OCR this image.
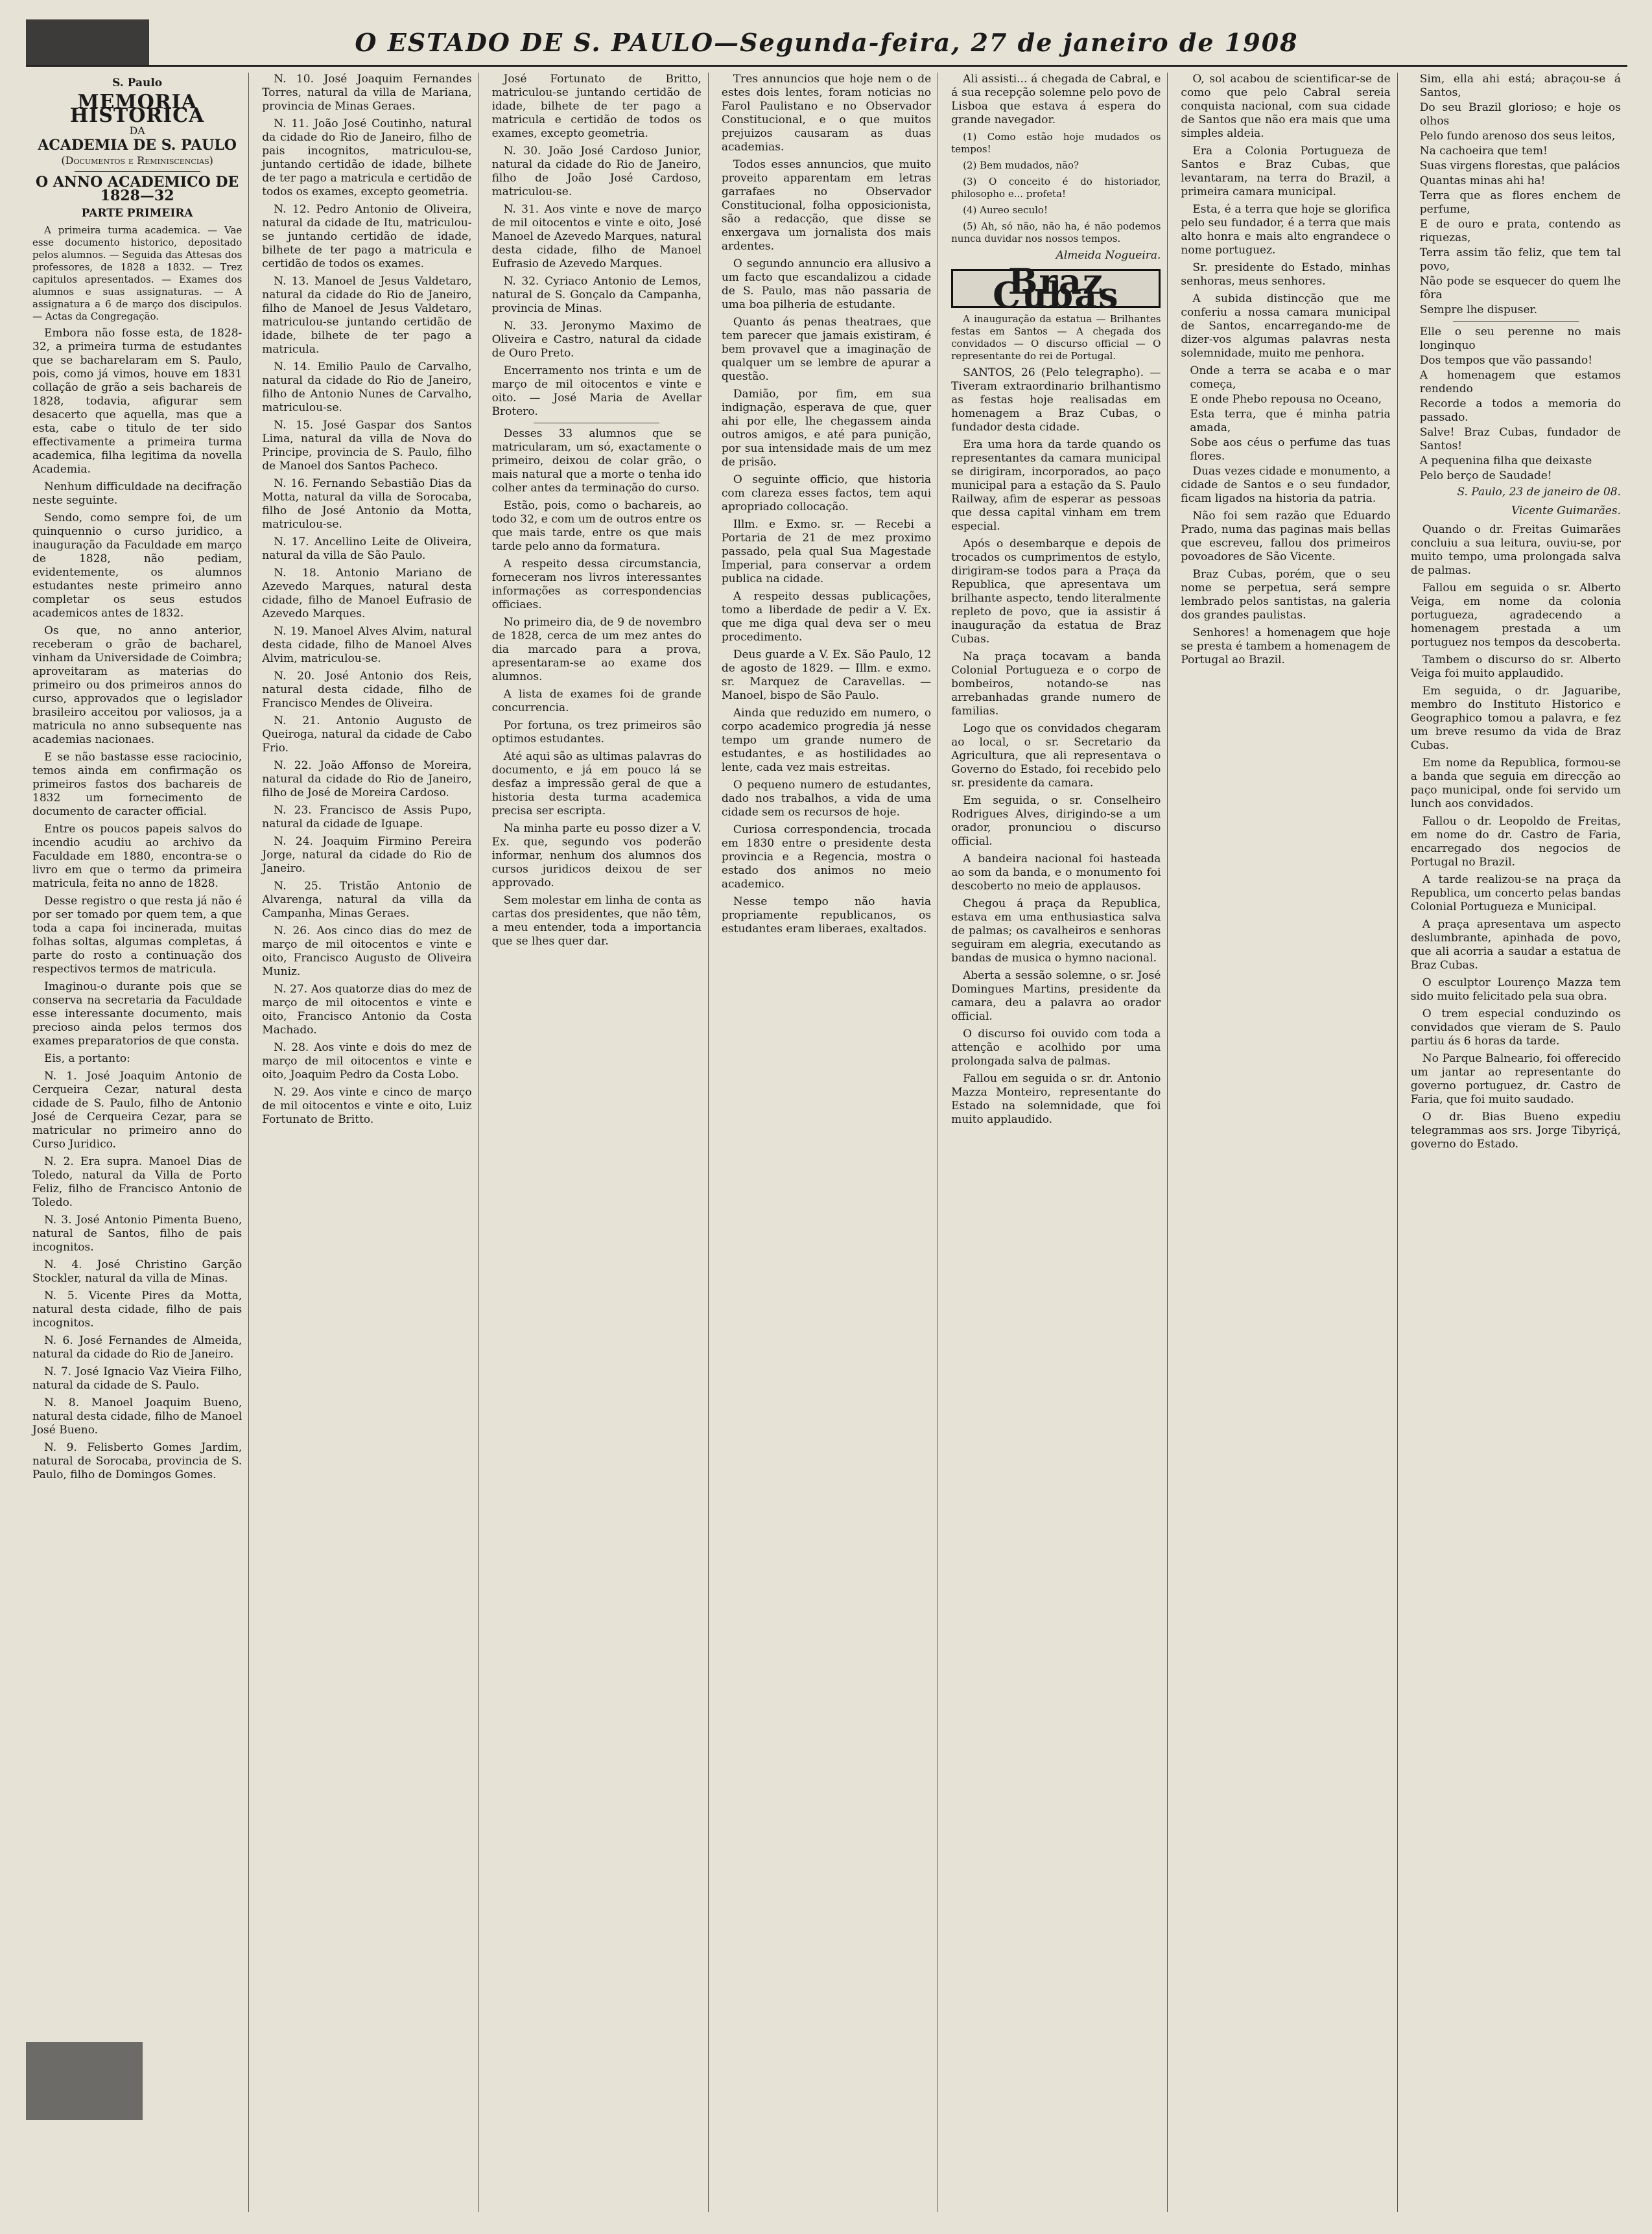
O ESTADO DE S. PAULO—Segunda-feira, 27 de janeiro de 1908
S. Paulo
MEMORIA HISTORICA
DA
ACADEMIA DE S. PAULO
(Documentos e Reminiscencias)
O ANNO ACADEMICO DE 1828—32
PARTE PRIMEIRA

A primeira turma academica. — Vae esse documento historico, depositado pelos alumnos. — Seguida das Attesas dos professores, de 1828 a 1832. — Trez capitulos apresentados. — Exames dos alumnos e suas assignaturas. — A assignatura a 6 de março dos discipulos. — Actas da Congregação.

Embora não fosse esta, de 1828-32, a primeira turma de estudantes que se bacharelaram em S. Paulo, pois, como já vimos, houve em 1831 collação de grão a seis bachareis de 1828, todavia, afigurar sem desacerto que aquella, mas que a esta, cabe o titulo de ter sido effectivamente a primeira turma academica, filha legitima da novella Academia.

Nenhum difficuldade na decifração neste seguinte.

Sendo, como sempre foi, de um quinquennio o curso juridico, a inauguração da Faculdade em março de 1828, não pediam, evidentemente, os alumnos estudantes neste primeiro anno completar os seus estudos academicos antes de 1832.

Os que, no anno anterior, receberam o grão de bacharel, vinham da Universidade de Coimbra; aproveitaram as materias do primeiro ou dos primeiros annos do curso, approvados que o legislador brasileiro acceitou por valiosos, ja a matricula no anno subsequente nas academias nacionaes.

E se não bastasse esse raciocinio, temos ainda em confirmação os primeiros fastos dos bachareis de 1832 um fornecimento de documento de caracter official.

Entre os poucos papeis salvos do incendio acudiu ao archivo da Faculdade em 1880, encontra-se o livro em que o termo da primeira matricula, feita no anno de 1828.

Desse registro o que resta já não é por ser tomado por quem tem, a que toda a capa foi incinerada, muitas folhas soltas, algumas completas, á parte do rosto a continuação dos respectivos termos de matricula.

Imaginou-o durante pois que se conserva na secretaria da Faculdade esse interessante documento, mais precioso ainda pelos termos dos exames preparatorios de que consta.

Eis, a portanto:

N. 1. José Joaquim Antonio de Cerqueira Cezar, natural desta cidade de S. Paulo, filho de Antonio José de Cerqueira Cezar, para se matricular no primeiro anno do Curso Juridico.

N. 2. Era supra. Manoel Dias de Toledo, natural da Villa de Porto Feliz, filho de Francisco Antonio de Toledo.

N. 3. José Antonio Pimenta Bueno, natural de Santos, filho de pais incognitos.

N. 4. José Christino Garção Stockler, natural da villa de Minas.

N. 5. Vicente Pires da Motta, natural desta cidade, filho de pais incognitos.

N. 6. José Fernandes de Almeida, natural da cidade do Rio de Janeiro.

N. 7. José Ignacio Vaz Vieira Filho, natural da cidade de S. Paulo.

N. 8. Manoel Joaquim Bueno, natural desta cidade, filho de Manoel José Bueno.

N. 9. Felisberto Gomes Jardim, natural de Sorocaba, provincia de S. Paulo, filho de Domingos Gomes.

N. 10. José Joaquim Fernandes Torres, natural da villa de Mariana, provincia de Minas Geraes.

N. 11. João José Coutinho, natural da cidade do Rio de Janeiro, filho de pais incognitos, matriculou-se, juntando certidão de idade, bilhete de ter pago a matricula e certidão de todos os exames, excepto geometria.

N. 12. Pedro Antonio de Oliveira, natural da cidade de Itu, matriculou-se juntando certidão de idade, bilhete de ter pago a matricula e certidão de todos os exames.

N. 13. Manoel de Jesus Valdetaro, natural da cidade do Rio de Janeiro, filho de Manoel de Jesus Valdetaro, matriculou-se juntando certidão de idade, bilhete de ter pago a matricula.

N. 14. Emilio Paulo de Carvalho, natural da cidade do Rio de Janeiro, filho de Antonio Nunes de Carvalho, matriculou-se.

N. 15. José Gaspar dos Santos Lima, natural da villa de Nova do Principe, provincia de S. Paulo, filho de Manoel dos Santos Pacheco.

N. 16. Fernando Sebastião Dias da Motta, natural da villa de Sorocaba, filho de José Antonio da Motta, matriculou-se.

N. 17. Ancellino Leite de Oliveira, natural da villa de São Paulo.

N. 18. Antonio Mariano de Azevedo Marques, natural desta cidade, filho de Manoel Eufrasio de Azevedo Marques.

N. 19. Manoel Alves Alvim, natural desta cidade, filho de Manoel Alves Alvim, matriculou-se.

N. 20. José Antonio dos Reis, natural desta cidade, filho de Francisco Mendes de Oliveira.

N. 21. Antonio Augusto de Queiroga, natural da cidade de Cabo Frio.

N. 22. João Affonso de Moreira, natural da cidade do Rio de Janeiro, filho de José de Moreira Cardoso.

N. 23. Francisco de Assis Pupo, natural da cidade de Iguape.

N. 24. Joaquim Firmino Pereira Jorge, natural da cidade do Rio de Janeiro.

N. 25. Tristão Antonio de Alvarenga, natural da villa da Campanha, Minas Geraes.

N. 26. Aos cinco dias do mez de março de mil oitocentos e vinte e oito, Francisco Augusto de Oliveira Muniz.

N. 27. Aos quatorze dias do mez de março de mil oitocentos e vinte e oito, Francisco Antonio da Costa Machado.

N. 28. Aos vinte e dois do mez de março de mil oitocentos e vinte e oito, Joaquim Pedro da Costa Lobo.

N. 29. Aos vinte e cinco de março de mil oitocentos e vinte e oito, Luiz Fortunato de Britto.

José Fortunato de Britto, matriculou-se juntando certidão de idade, bilhete de ter pago a matricula e certidão de todos os exames, excepto geometria.

N. 30. João José Cardoso Junior, natural da cidade do Rio de Janeiro, filho de João José Cardoso, matriculou-se.

N. 31. Aos vinte e nove de março de mil oitocentos e vinte e oito, José Manoel de Azevedo Marques, natural desta cidade, filho de Manoel Eufrasio de Azevedo Marques.

N. 32. Cyriaco Antonio de Lemos, natural de S. Gonçalo da Campanha, provincia de Minas.

N. 33. Jeronymo Maximo de Oliveira e Castro, natural da cidade de Ouro Preto.

Encerramento nos trinta e um de março de mil oitocentos e vinte e oito. — José Maria de Avellar Brotero.

Desses 33 alumnos que se matricularam, um só, exactamente o primeiro, deixou de colar grão, o mais natural que a morte o tenha ido colher antes da terminação do curso.

Estão, pois, como o bachareis, ao todo 32, e com um de outros entre os que mais tarde, entre os que mais tarde pelo anno da formatura.

A respeito dessa circumstancia, forneceram nos livros interessantes informações as correspondencias officiaes.

No primeiro dia, de 9 de novembro de 1828, cerca de um mez antes do dia marcado para a prova, apresentaram-se ao exame dos alumnos.

A lista de exames foi de grande concurrencia.

Por fortuna, os trez primeiros são optimos estudantes.

Até aqui são as ultimas palavras do documento, e já em pouco lá se desfaz a impressão geral de que a historia desta turma academica precisa ser escripta.

Na minha parte eu posso dizer a V. Ex. que, segundo vos poderão informar, nenhum dos alumnos dos cursos juridicos deixou de ser approvado.

Sem molestar em linha de conta as cartas dos presidentes, que não têm, a meu entender, toda a importancia que se lhes quer dar.

Tres annuncios que hoje nem o de estes dois lentes, foram noticias no Farol Paulistano e no Observador Constitucional, e o que muitos prejuizos causaram as duas academias.

Todos esses annuncios, que muito proveito apparentam em letras garrafaes no Observador Constitucional, folha opposicionista, são a redacção, que disse se enxergava um jornalista dos mais ardentes.

O segundo annuncio era allusivo a um facto que escandalizou a cidade de S. Paulo, mas não passaria de uma boa pilheria de estudante.

Quanto ás penas theatraes, que tem parecer que jamais existiram, é bem provavel que a imaginação de qualquer um se lembre de apurar a questão.

Damião, por fim, em sua indignação, esperava de que, quer ahi por elle, lhe chegassem ainda outros amigos, e até para punição, por sua intensidade mais de um mez de prisão.

O seguinte officio, que historia com clareza esses factos, tem aqui apropriado collocação.

Illm. e Exmo. sr. — Recebi a Portaria de 21 de mez proximo passado, pela qual Sua Magestade Imperial, para conservar a ordem publica na cidade.

A respeito dessas publicações, tomo a liberdade de pedir a V. Ex. que me diga qual deva ser o meu procedimento.

Deus guarde a V. Ex. São Paulo, 12 de agosto de 1829. — Illm. e exmo. sr. Marquez de Caravellas. — Manoel, bispo de São Paulo.

Ainda que reduzido em numero, o corpo academico progredia já nesse tempo um grande numero de estudantes, e as hostilidades ao lente, cada vez mais estreitas.

O pequeno numero de estudantes, dado nos trabalhos, a vida de uma cidade sem os recursos de hoje.

Curiosa correspondencia, trocada em 1830 entre o presidente desta provincia e a Regencia, mostra o estado dos animos no meio academico.

Nesse tempo não havia propriamente republicanos, os estudantes eram liberaes, exaltados.

Ali assisti... á chegada de Cabral, e á sua recepção solemne pelo povo de Lisboa que estava á espera do grande navegador.

(1) Como estão hoje mudados os tempos!

(2) Bem mudados, não?

(3) O conceito é do historiador, philosopho e... profeta!

(4) Aureo seculo!

(5) Ah, só não, não ha, é não podemos nunca duvidar nos nossos tempos.

Almeida Nogueira.
Braz Cubas

A inauguração da estatua — Brilhantes festas em Santos — A chegada dos convidados — O discurso official — O representante do rei de Portugal.

SANTOS, 26 (Pelo telegrapho). — Tiveram extraordinario brilhantismo as festas hoje realisadas em homenagem a Braz Cubas, o fundador desta cidade.

Era uma hora da tarde quando os representantes da camara municipal se dirigiram, incorporados, ao paço municipal para a estação da S. Paulo Railway, afim de esperar as pessoas que dessa capital vinham em trem especial.

Após o desembarque e depois de trocados os cumprimentos de estylo, dirigiram-se todos para a Praça da Republica, que apresentava um brilhante aspecto, tendo literalmente repleto de povo, que ia assistir á inauguração da estatua de Braz Cubas.

Na praça tocavam a banda Colonial Portugueza e o corpo de bombeiros, notando-se nas arrebanhadas grande numero de familias.

Logo que os convidados chegaram ao local, o sr. Secretario da Agricultura, que ali representava o Governo do Estado, foi recebido pelo sr. presidente da camara.

Em seguida, o sr. Conselheiro Rodrigues Alves, dirigindo-se a um orador, pronunciou o discurso official.

A bandeira nacional foi hasteada ao som da banda, e o monumento foi descoberto no meio de applausos.

Chegou á praça da Republica, estava em uma enthusiastica salva de palmas; os cavalheiros e senhoras seguiram em alegria, executando as bandas de musica o hymno nacional.

Aberta a sessão solemne, o sr. José Domingues Martins, presidente da camara, deu a palavra ao orador official.

O discurso foi ouvido com toda a attenção e acolhido por uma prolongada salva de palmas.

Fallou em seguida o sr. dr. Antonio Mazza Monteiro, representante do Estado na solemnidade, que foi muito applaudido.

O, sol acabou de scientificar-se de como que pelo Cabral sereia conquista nacional, com sua cidade de Santos que não era mais que uma simples aldeia.

Era a Colonia Portugueza de Santos e Braz Cubas, que levantaram, na terra do Brazil, a primeira camara municipal.

Esta, é a terra que hoje se glorifica pelo seu fundador, é a terra que mais alto honra e mais alto engrandece o nome portuguez.

Sr. presidente do Estado, minhas senhoras, meus senhores.

A subida distincção que me conferiu a nossa camara municipal de Santos, encarregando-me de dizer-vos algumas palavras nesta solemnidade, muito me penhora.

Onde a terra se acaba e o mar começa,

E onde Phebo repousa no Oceano,

Esta terra, que é minha patria amada,

Sobe aos céus o perfume das tuas flores.

Duas vezes cidade e monumento, a cidade de Santos e o seu fundador, ficam ligados na historia da patria.

Não foi sem razão que Eduardo Prado, numa das paginas mais bellas que escreveu, fallou dos primeiros povoadores de São Vicente.

Braz Cubas, porém, que o seu nome se perpetua, será sempre lembrado pelos santistas, na galeria dos grandes paulistas.

Senhores! a homenagem que hoje se presta é tambem a homenagem de Portugal ao Brazil.

Sim, ella ahi está; abraçou-se á Santos,

Do seu Brazil glorioso; e hoje os olhos

Pelo fundo arenoso dos seus leitos,

Na cachoeira que tem!

Suas virgens florestas, que palácios

Quantas minas ahi ha!

Terra que as flores enchem de perfume,

E de ouro e prata, contendo as riquezas,

Terra assim tão feliz, que tem tal povo,

Não pode se esquecer do quem lhe fôra

Sempre lhe dispuser.

Elle o seu perenne no mais longinquo

Dos tempos que vão passando!

A homenagem que estamos rendendo

Recorde a todos a memoria do passado.

Salve! Braz Cubas, fundador de Santos!

A pequenina filha que deixaste

Pelo berço de Saudade!

S. Paulo, 23 de janeiro de 08.
Vicente Guimarães.

Quando o dr. Freitas Guimarães concluiu a sua leitura, ouviu-se, por muito tempo, uma prolongada salva de palmas.

Fallou em seguida o sr. Alberto Veiga, em nome da colonia portugueza, agradecendo a homenagem prestada a um portuguez nos tempos da descoberta.

Tambem o discurso do sr. Alberto Veiga foi muito applaudido.

Em seguida, o dr. Jaguaribe, membro do Instituto Historico e Geographico tomou a palavra, e fez um breve resumo da vida de Braz Cubas.

Em nome da Republica, formou-se a banda que seguia em direcção ao paço municipal, onde foi servido um lunch aos convidados.

Fallou o dr. Leopoldo de Freitas, em nome do dr. Castro de Faria, encarregado dos negocios de Portugal no Brazil.

A tarde realizou-se na praça da Republica, um concerto pelas bandas Colonial Portugueza e Municipal.

A praça apresentava um aspecto deslumbrante, apinhada de povo, que ali acorria a saudar a estatua de Braz Cubas.

O esculptor Lourenço Mazza tem sido muito felicitado pela sua obra.

O trem especial conduzindo os convidados que vieram de S. Paulo partiu ás 6 horas da tarde.

No Parque Balneario, foi offerecido um jantar ao representante do governo portuguez, dr. Castro de Faria, que foi muito saudado.

O dr. Bias Bueno expediu telegrammas aos srs. Jorge Tibyriçá, governo do Estado.
